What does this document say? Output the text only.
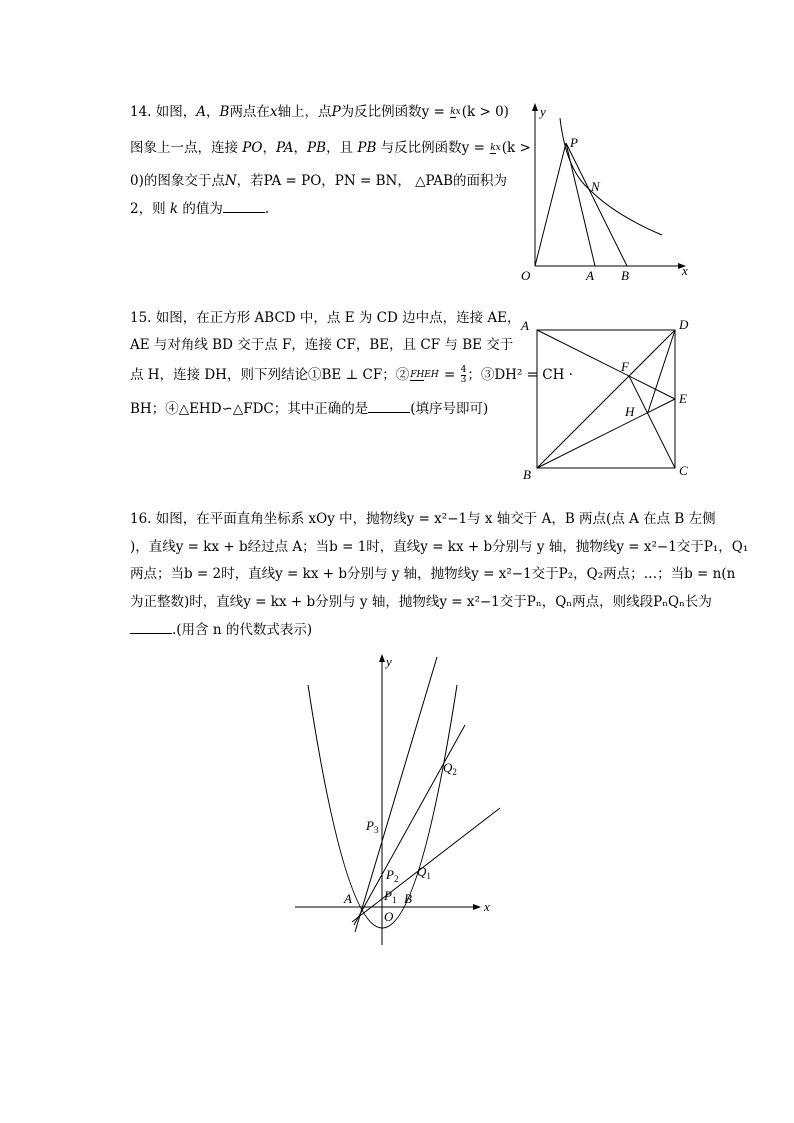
14. 如图，A，B两点在x轴上，点P为反比例函数y = kx(k > 0)
图象上一点，连接 PO，PA，PB，且 PB 与反比例函数y = kx(k >
0)的图象交于点N，若PA = PO，PN = BN， △PAB的面积为
2，则 k 的值为	.
15. 如图，在正方形 ABCD 中，点 E 为 CD 边中点，连接 AE，
AE 与对角线 BD 交于点 F，连接 CF，BE，且 CF 与 BE 交于
点 H，连接 DH，则下列结论①BE ⊥ CF；②FHEH = $\frac{4}{3}$ ；③DH² = CH ·
BH；④△EHD∽△FDC；其中正确的是	(填序号即可)
16. 如图，在平面直角坐标系 xOy 中，抛物线y = x²−1与 x 轴交于 A，B 两点(点 A 在点 B 左侧
)，直线y = kx + b经过点 A；当b = 1时，直线y = kx + b分别与 y 轴，抛物线y = x²−1交于P₁，Q₁
两点；当b = 2时，直线y = kx + b分别与 y 轴，抛物线y = x²−1交于P₂，Q₂两点；…；当b = n(n
为正整数)时，直线y = kx + b分别与 y 轴，抛物线y = x²−1交于Pₙ，Qₙ两点，则线段PₙQₙ长为
.(用含 n 的代数式表示)
y
x
O	A B
P
N
A	D
E
C
B
F
H
y
x
A
O
B
$P_1$
$P_2$
$P_3$
$Q_1$
$Q_2$
